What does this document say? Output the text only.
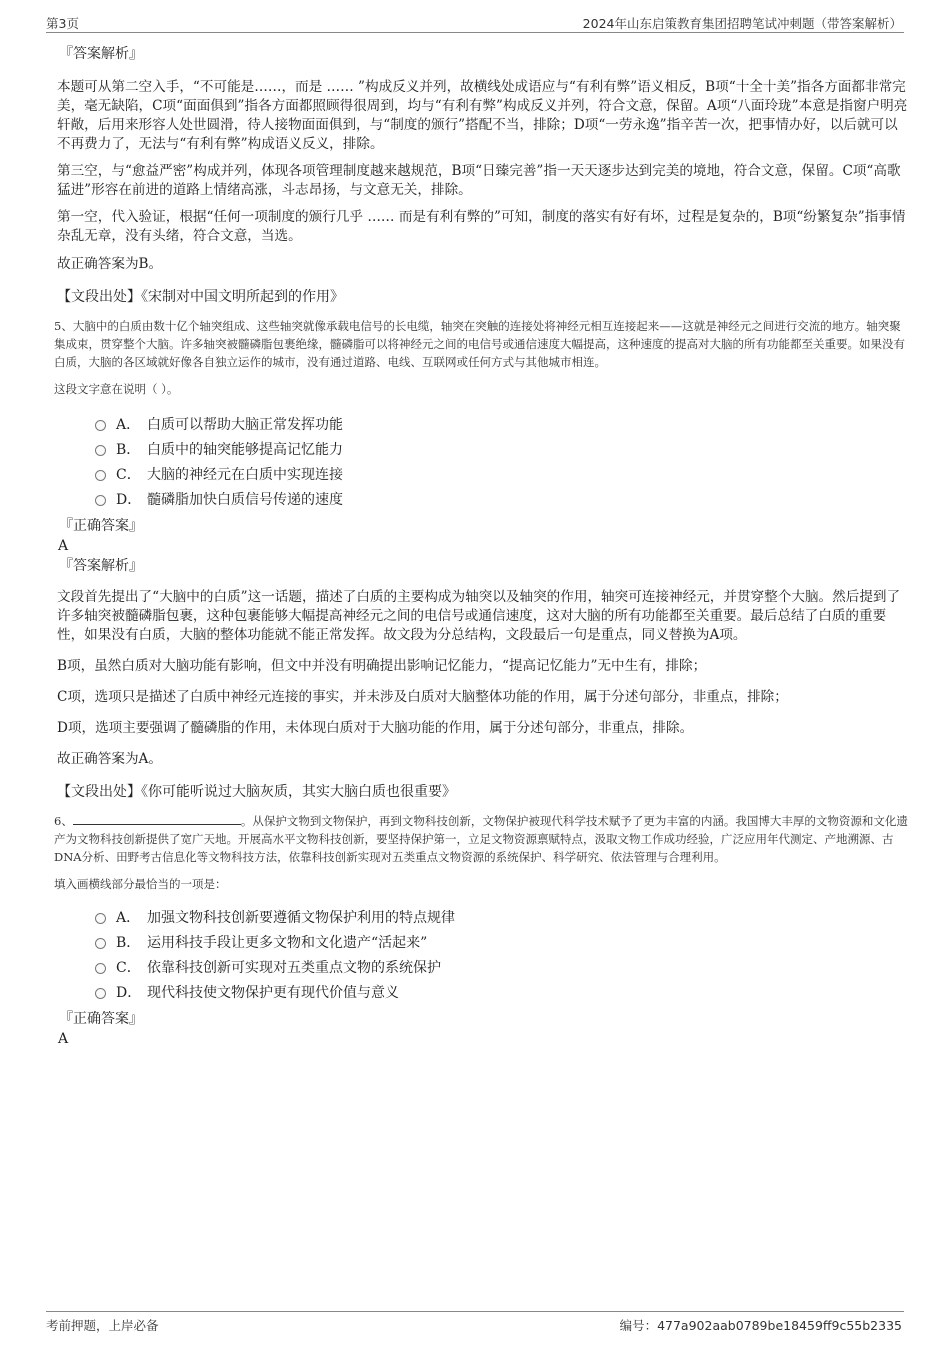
第3页	2024年山东启策教育集团招聘笔试冲刺题（带答案解析）

『答案解析』

本题可从第二空入手，“不可能是……，而是 …… ”构成反义并列，故横线处成语应与“有利有弊”语义相反，B项“十全十美”指各方面都非常完美，毫无缺陷，C项“面面俱到”指各方面都照顾得很周到，均与“有利有弊”构成反义并列，符合文意，保留。A项“八面玲珑”本意是指窗户明亮轩敞，后用来形容人处世圆滑，待人接物面面俱到，与“制度的颁行”搭配不当，排除；D项“一劳永逸”指辛苦一次，把事情办好，以后就可以不再费力了，无法与“有利有弊”构成语义反义，排除。

第三空，与“愈益严密”构成并列，体现各项管理制度越来越规范，B项“日臻完善”指一天天逐步达到完美的境地，符合文意，保留。C项“高歌猛进”形容在前进的道路上情绪高涨，斗志昂扬，与文意无关，排除。

第一空，代入验证，根据“任何一项制度的颁行几乎 …… 而是有利有弊的”可知，制度的落实有好有坏，过程是复杂的，B项“纷繁复杂”指事情杂乱无章，没有头绪，符合文意，当选。

故正确答案为B。

【文段出处】《宋制对中国文明所起到的作用》

5、大脑中的白质由数十亿个轴突组成、这些轴突就像承载电信号的长电缆，轴突在突触的连接处将神经元相互连接起来——这就是神经元之间进行交流的地方。轴突聚集成束，贯穿整个大脑。许多轴突被髓磷脂包裹绝缘，髓磷脂可以将神经元之间的电信号或通信速度大幅提高，这种速度的提高对大脑的所有功能都至关重要。如果没有白质，大脑的各区域就好像各自独立运作的城市，没有通过道路、电线、互联网或任何方式与其他城市相连。

这段文字意在说明（ ）。

A． 白质可以帮助大脑正常发挥功能
B． 白质中的轴突能够提高记忆能力
C． 大脑的神经元在白质中实现连接
D． 髓磷脂加快白质信号传递的速度

『正确答案』

A

『答案解析』

文段首先提出了“大脑中的白质”这一话题，描述了白质的主要构成为轴突以及轴突的作用，轴突可连接神经元，并贯穿整个大脑。然后提到了许多轴突被髓磷脂包裹，这种包裹能够大幅提高神经元之间的电信号或通信速度，这对大脑的所有功能都至关重要。最后总结了白质的重要性，如果没有白质，大脑的整体功能就不能正常发挥。故文段为分总结构，文段最后一句是重点，同义替换为A项。

B项，虽然白质对大脑功能有影响，但文中并没有明确提出影响记忆能力，“提高记忆能力”无中生有，排除；

C项，选项只是描述了白质中神经元连接的事实，并未涉及白质对大脑整体功能的作用，属于分述句部分，非重点，排除；

D项，选项主要强调了髓磷脂的作用，未体现白质对于大脑功能的作用，属于分述句部分，非重点，排除。

故正确答案为A。

【文段出处】《你可能听说过大脑灰质，其实大脑白质也很重要》

6、	。从保护文物到文物保护，再到文物科技创新，文物保护被现代科学技术赋予了更为丰富的内涵。我国博大丰厚的文物资源和文化遗产为文物科技创新提供了宽广天地。开展高水平文物科技创新，要坚持保护第一，立足文物资源禀赋特点，汲取文物工作成功经验，广泛应用年代测定、产地溯源、古DNA分析、田野考古信息化等文物科技方法，依靠科技创新实现对五类重点文物资源的系统保护、科学研究、依法管理与合理利用。

填入画横线部分最恰当的一项是：

A． 加强文物科技创新要遵循文物保护利用的特点规律
B． 运用科技手段让更多文物和文化遗产“活起来”
C． 依靠科技创新可实现对五类重点文物的系统保护
D． 现代科技使文物保护更有现代价值与意义

『正确答案』

A

考前押题，上岸必备	编号：477a902aab0789be18459ff9c55b2335
